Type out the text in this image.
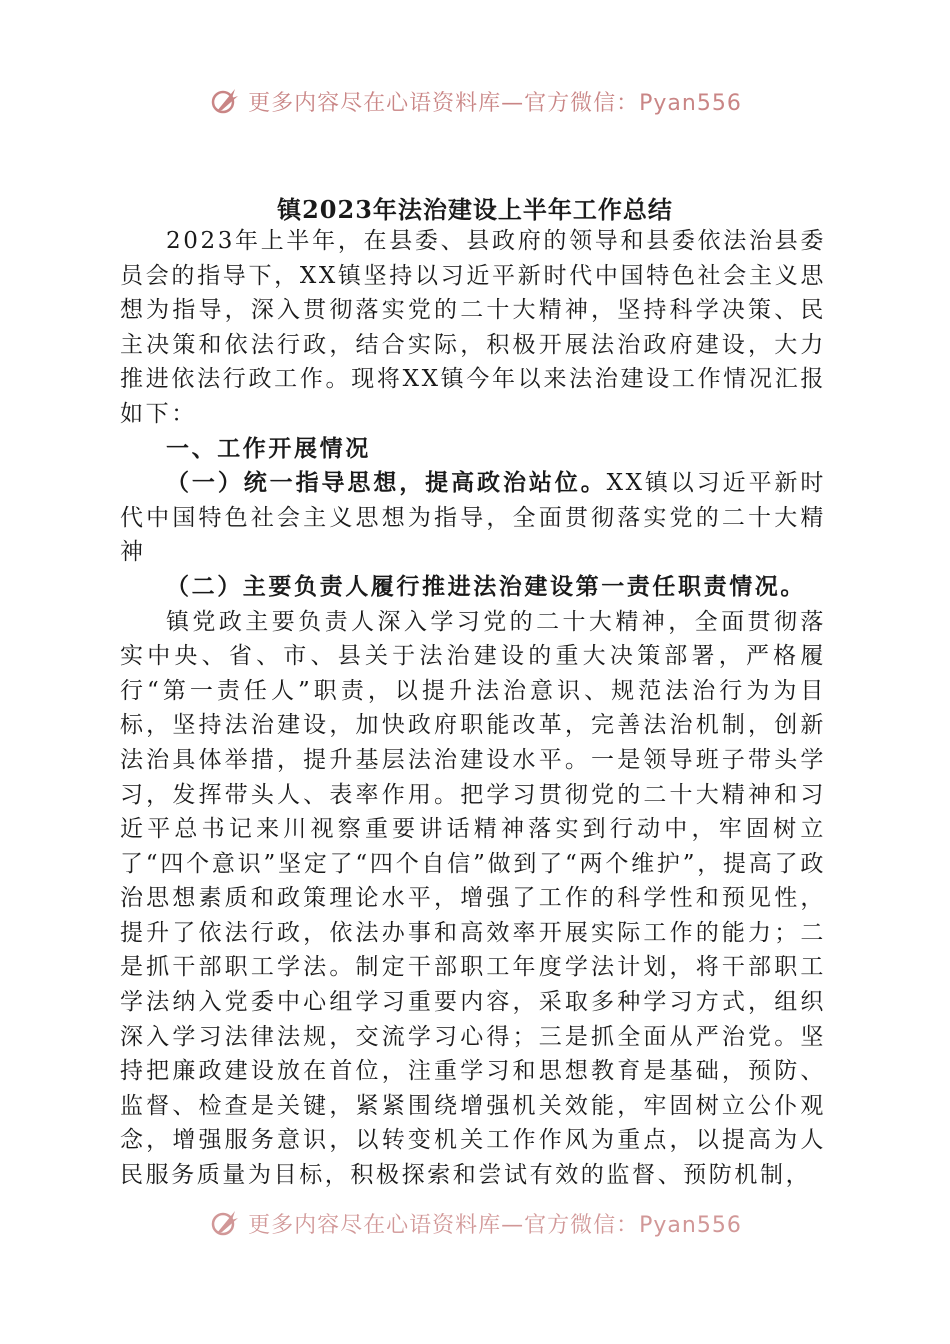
更多内容尽在心语资料库—官方微信：Pyan556
镇2023年法治建设上半年工作总结

2023年上半年，在县委、县政府的领导和县委依法治县委员会的指导下，XX镇坚持以习近平新时代中国特色社会主义思想为指导，深入贯彻落实党的二十大精神，坚持科学决策、民主决策和依法行政，结合实际，积极开展法治政府建设，大力推进依法行政工作。现将XX镇今年以来法治建设工作情况汇报如下：

一、工作开展情况

（一）统一指导思想，提高政治站位。XX镇以习近平新时代中国特色社会主义思想为指导，全面贯彻落实党的二十大精神

（二）主要负责人履行推进法治建设第一责任职责情况。

镇党政主要负责人深入学习党的二十大精神，全面贯彻落实中央、省、市、县关于法治建设的重大决策部署，严格履行“第一责任人”职责，以提升法治意识、规范法治行为为目标，坚持法治建设，加快政府职能改革，完善法治机制，创新法治具体举措，提升基层法治建设水平。一是领导班子带头学习，发挥带头人、表率作用。把学习贯彻党的二十大精神和习近平总书记来川视察重要讲话精神落实到行动中，牢固树立了“四个意识”坚定了“四个自信”做到了“两个维护”，提高了政治思想素质和政策理论水平，增强了工作的科学性和预见性，提升了依法行政，依法办事和高效率开展实际工作的能力；二是抓干部职工学法。制定干部职工年度学法计划，将干部职工学法纳入党委中心组学习重要内容，采取多种学习方式，组织深入学习法律法规，交流学习心得；三是抓全面从严治党。坚持把廉政建设放在首位，注重学习和思想教育是基础，预防、监督、检查是关键，紧紧围绕增强机关效能，牢固树立公仆观念，增强服务意识，以转变机关工作作风为重点，以提高为人民服务质量为目标，积极探索和尝试有效的监督、预防机制，

更多内容尽在心语资料库—官方微信：Pyan556
